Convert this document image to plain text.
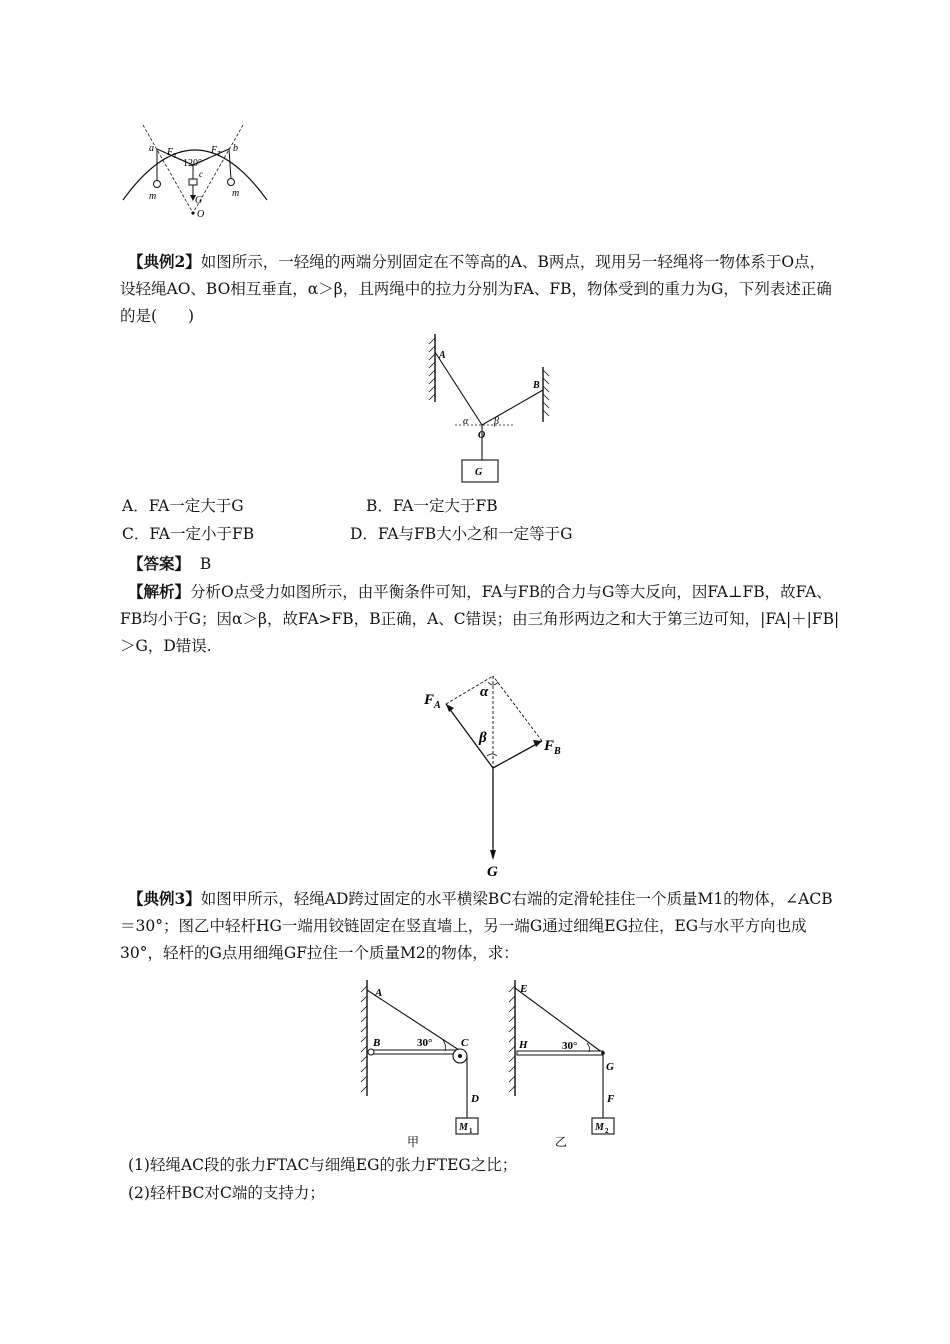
a	b
F T	F T
120°
c
G
O
m	m
【典例2】如图所示，一轻绳的两端分别固定在不等高的A、B两点，现用另一轻绳将一物体系于O点，设轻绳AO、BO相互垂直，α＞β，且两绳中的拉力分别为FA、FB，物体受到的重力为G，下列表述正确的是(　　)
A
B
O
α	β
G
A．FA一定大于G	B．FA一定大于FB
C．FA一定小于FB	D．FA与FB大小之和一定等于G
【答案】 B
【解析】分析O点受力如图所示，由平衡条件可知，FA与FB的合力与G等大反向，因FA⊥FB，故FA、FB均小于G；因α＞β，故FA>FB，B正确，A、C错误；由三角形两边之和大于第三边可知，|FA|＋|FB|＞G，D错误.
F A
F B
α
β
G
【典例3】如图甲所示，轻绳AD跨过固定的水平横梁BC右端的定滑轮挂住一个质量M1的物体，∠ACB＝30°；图乙中轻杆HG一端用铰链固定在竖直墙上，另一端G通过细绳EG拉住，EG与水平方向也成30°，轻杆的G点用细绳GF拉住一个质量M2的物体，求：
A
B	C
D
30°
M 1
甲
E
H
G
F
30°
M 2
乙
(1)轻绳AC段的张力FTAC与细绳EG的张力FTEG之比；
(2)轻杆BC对C端的支持力；
